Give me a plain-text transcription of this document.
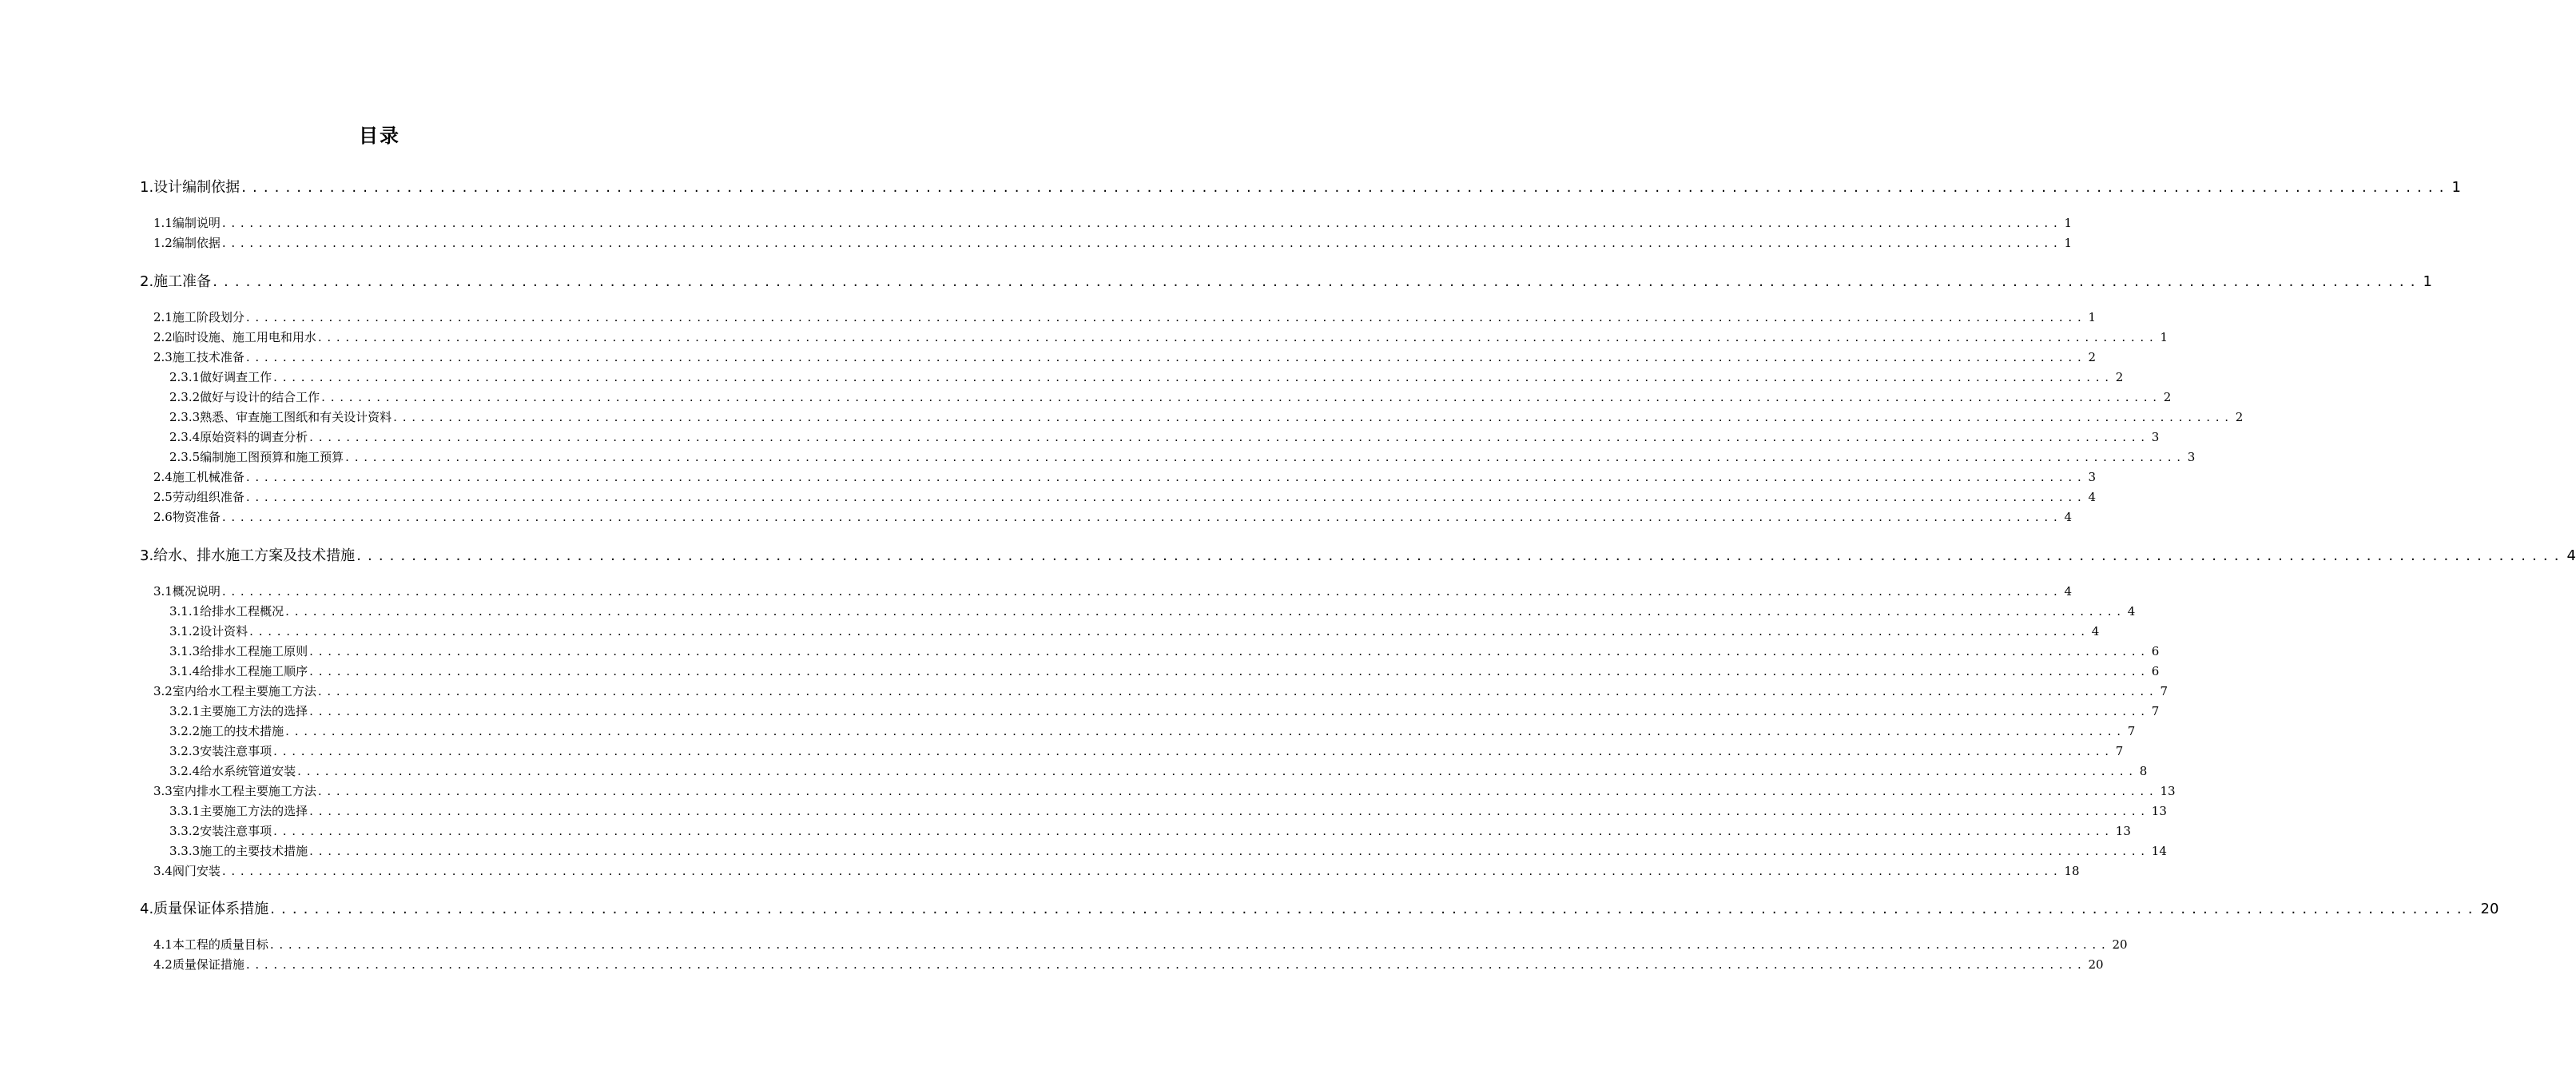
目录
1.设计编制依据 ........................................................................................................................................................................................................ 1
1.1编制说明 ........................................................................................................................................................................................................ 1
1.2编制依据 ........................................................................................................................................................................................................ 1
2.施工准备 ........................................................................................................................................................................................................ 1
2.1施工阶段划分 ........................................................................................................................................................................................................ 1
2.2临时设施、施工用电和用水 ........................................................................................................................................................................................................ 1
2.3施工技术准备 ........................................................................................................................................................................................................ 2
2.3.1做好调查工作 ........................................................................................................................................................................................................ 2
2.3.2做好与设计的结合工作 ........................................................................................................................................................................................................ 2
2.3.3熟悉、审查施工图纸和有关设计资料 ........................................................................................................................................................................................................ 2
2.3.4原始资料的调查分析 ........................................................................................................................................................................................................ 3
2.3.5编制施工图预算和施工预算 ........................................................................................................................................................................................................ 3
2.4施工机械准备 ........................................................................................................................................................................................................ 3
2.5劳动组织准备 ........................................................................................................................................................................................................ 4
2.6物资准备 ........................................................................................................................................................................................................ 4
3.给水、排水施工方案及技术措施 ........................................................................................................................................................................................................ 4
3.1概况说明 ........................................................................................................................................................................................................ 4
3.1.1给排水工程概况 ........................................................................................................................................................................................................ 4
3.1.2设计资料 ........................................................................................................................................................................................................ 4
3.1.3给排水工程施工原则 ........................................................................................................................................................................................................ 6
3.1.4给排水工程施工顺序 ........................................................................................................................................................................................................ 6
3.2室内给水工程主要施工方法 ........................................................................................................................................................................................................ 7
3.2.1主要施工方法的选择 ........................................................................................................................................................................................................ 7
3.2.2施工的技术措施 ........................................................................................................................................................................................................ 7
3.2.3安装注意事项 ........................................................................................................................................................................................................ 7
3.2.4给水系统管道安装 ........................................................................................................................................................................................................ 8
3.3室内排水工程主要施工方法 ........................................................................................................................................................................................................ 13
3.3.1主要施工方法的选择 ........................................................................................................................................................................................................ 13
3.3.2安装注意事项 ........................................................................................................................................................................................................ 13
3.3.3施工的主要技术措施 ........................................................................................................................................................................................................ 14
3.4阀门安装 ........................................................................................................................................................................................................ 18
4.质量保证体系措施 ........................................................................................................................................................................................................ 20
4.1本工程的质量目标 ........................................................................................................................................................................................................ 20
4.2质量保证措施 ........................................................................................................................................................................................................ 20
